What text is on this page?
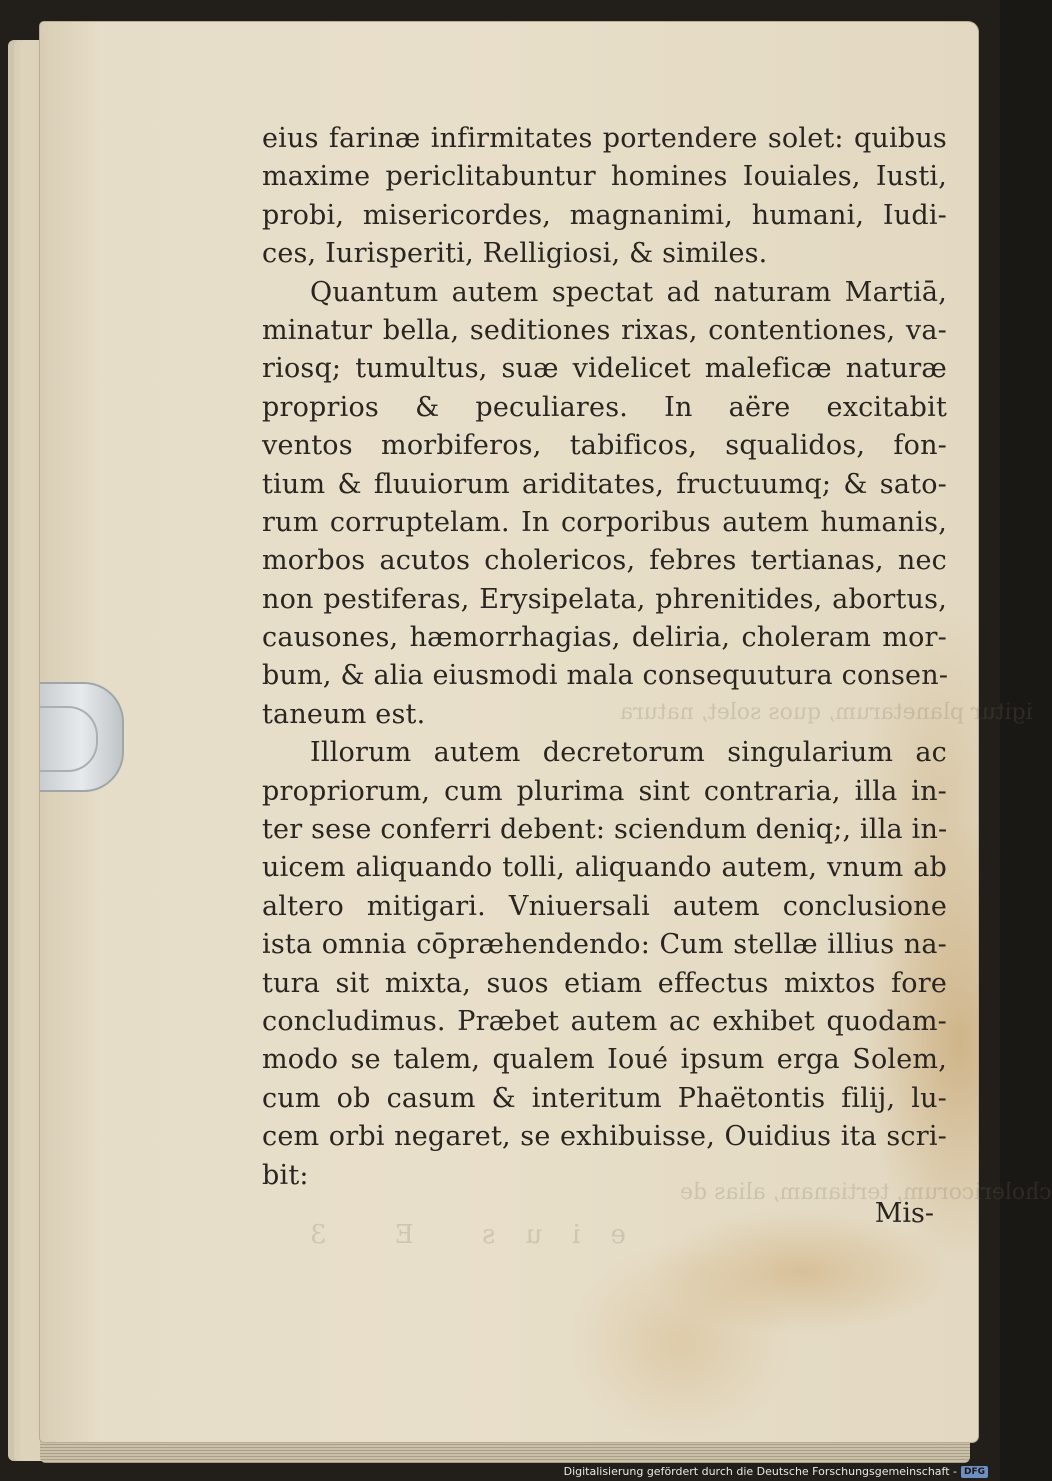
igitur planetarum, quos solet, natura
cholericorum, tertianam, alias de
eius E 3
eius farinæ infirmitates portendere solet: quibus
maxime periclitabuntur homines Iouiales, Iusti,
probi, misericordes, magnanimi, humani, Iudi-
ces, Iurisperiti, Relligiosi, & similes.
Quantum autem spectat ad naturam Martiā,
minatur bella, seditiones rixas, contentiones, va-
riosq; tumultus, suæ videlicet maleficæ naturæ
proprios & peculiares. In aëre excitabit
ventos morbiferos, tabificos, squalidos, fon-
tium & fluuiorum ariditates, fructuumq; & sato-
rum corruptelam. In corporibus autem humanis,
morbos acutos cholericos, febres tertianas, nec
non pestiferas, Erysipelata, phrenitides, abortus,
causones, hæmorrhagias, deliria, choleram mor-
bum, & alia eiusmodi mala consequutura consen-
taneum est.
Illorum autem decretorum singularium ac
propriorum, cum plurima sint contraria, illa in-
ter sese conferri debent: sciendum deniq;, illa in-
uicem aliquando tolli, aliquando autem, vnum ab
altero mitigari. Vniuersali autem conclusione
ista omnia cōpræhendendo: Cum stellæ illius na-
tura sit mixta, suos etiam effectus mixtos fore
concludimus. Præbet autem ac exhibet quodam-
modo se talem, qualem Ioué ipsum erga Solem,
cum ob casum & interitum Phaëtontis filij, lu-
cem orbi negaret, se exhibuisse, Ouidius ita scri-
bit:
Mis-
Digitalisierung gefördert durch die Deutsche Forschungsgemeinschaft - DFG
